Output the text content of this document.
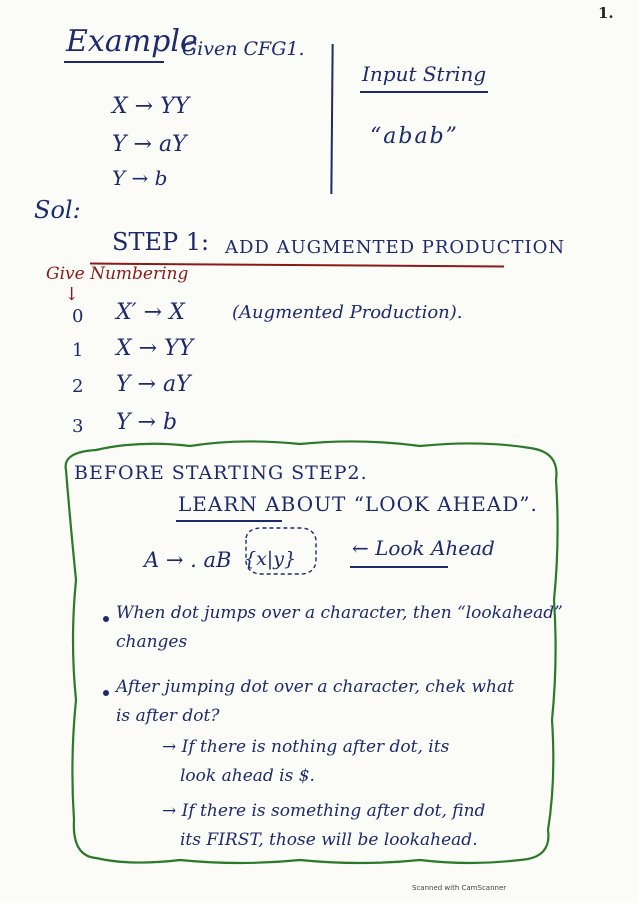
1.
Example
Given CFG1.
Input String
“abab”
X → YY
Y → aY
Y → b
Sol:
STEP 1: ADD AUGMENTED PRODUCTION
Give Numbering
↓
0 X′ → X	(Augmented Production).
1 X → YY
2 Y → aY
3 Y → b
BEFORE STARTING STEP2.
LEARN ABOUT “LOOK AHEAD”.
A → . aB {x|y}	← Look Ahead
When dot jumps over a character, then “lookahead”
changes
After jumping dot over a character, chek what
is after dot?
→ If there is nothing after dot, its
look ahead is $.
→ If there is something after dot, find
its FIRST, those will be lookahead.
Scanned with CamScanner
